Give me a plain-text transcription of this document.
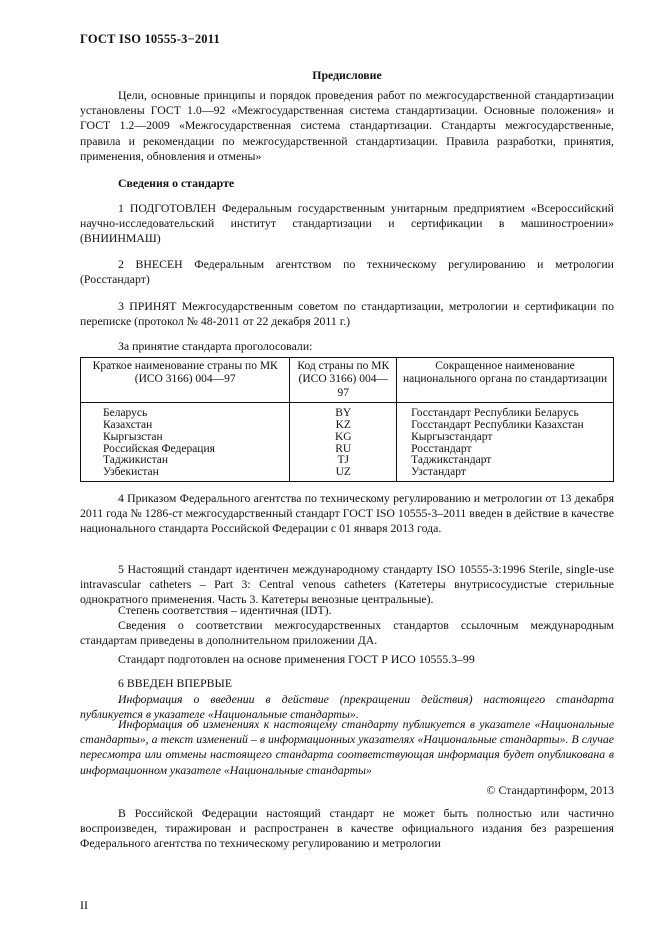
ГОСТ ISO 10555-3−2011
Предисловие
Цели, основные принципы и порядок проведения работ по межгосударственной стандартизации установлены ГОСТ 1.0—92 «Межгосударственная система стандартизации. Основные положения» и ГОСТ 1.2—2009 «Межгосударственная система стандартизации. Стандарты межгосударственные, правила и рекомендации по межгосударственной стандартизации. Правила разработки, принятия, применения, обновления и отмены»
Сведения о стандарте
1 ПОДГОТОВЛЕН Федеральным государственным унитарным предприятием «Всероссийский научно-исследовательский институт стандартизации и сертификации в машиностроении» (ВНИИНМАШ)
2 ВНЕСЕН Федеральным агентством по техническому регулированию и метрологии (Росстандарт)
3 ПРИНЯТ Межгосударственным советом по стандартизации, метрологии и сертификации по переписке (протокол № 48-2011 от 22 декабря 2011 г.)
За принятие стандарта проголосовали:
Краткое наименование страны по МК (ИСО 3166) 004—97	Код страны по МК (ИСО 3166) 004—97	Сокращенное наименование национального органа по стандартизации
Беларусь	BY	Госстандарт Республики Беларусь
Казахстан	KZ	Госстандарт Республики Казахстан
Кыргызстан	KG	Кыргызстандарт
Российская Федерация	RU	Росстандарт
Таджикистан	TJ	Таджикстандарт
Узбекистан	UZ	Узстандарт
4 Приказом Федерального агентства по техническому регулированию и метрологии от 13 декабря 2011 года № 1286-ст межгосударственный стандарт ГОСТ ISO 10555-3–2011 введен в действие в качестве национального стандарта Российской Федерации с 01 января 2013 года.
5 Настоящий стандарт идентичен международному стандарту ISO 10555-3:1996 Sterile, single-use intravascular catheters – Part 3: Central venous catheters (Катетеры внутрисосудистые стерильные однократного применения. Часть 3. Катетеры венозные центральные).
Степень соответствия – идентичная (IDT).
Сведения о соответствии межгосударственных стандартов ссылочным международным стандартам приведены в дополнительном приложении ДА.
Стандарт подготовлен на основе применения ГОСТ Р ИСО 10555.3–99
6 ВВЕДЕН ВПЕРВЫЕ
Информация о введении в действие (прекращении действия) настоящего стандарта публикуется в указателе «Национальные стандарты».
Информация об изменениях к настоящему стандарту публикуется в указателе «Национальные стандарты», а текст изменений – в информационных указателях «Национальные стандарты». В случае пересмотра или отмены настоящего стандарта соответствующая информация будет опубликована в информационном указателе «Национальные стандарты»
© Стандартинформ, 2013
В Российской Федерации настоящий стандарт не может быть полностью или частично воспроизведен, тиражирован и распространен в качестве официального издания без разрешения Федерального агентства по техническому регулированию и метрологии
II
